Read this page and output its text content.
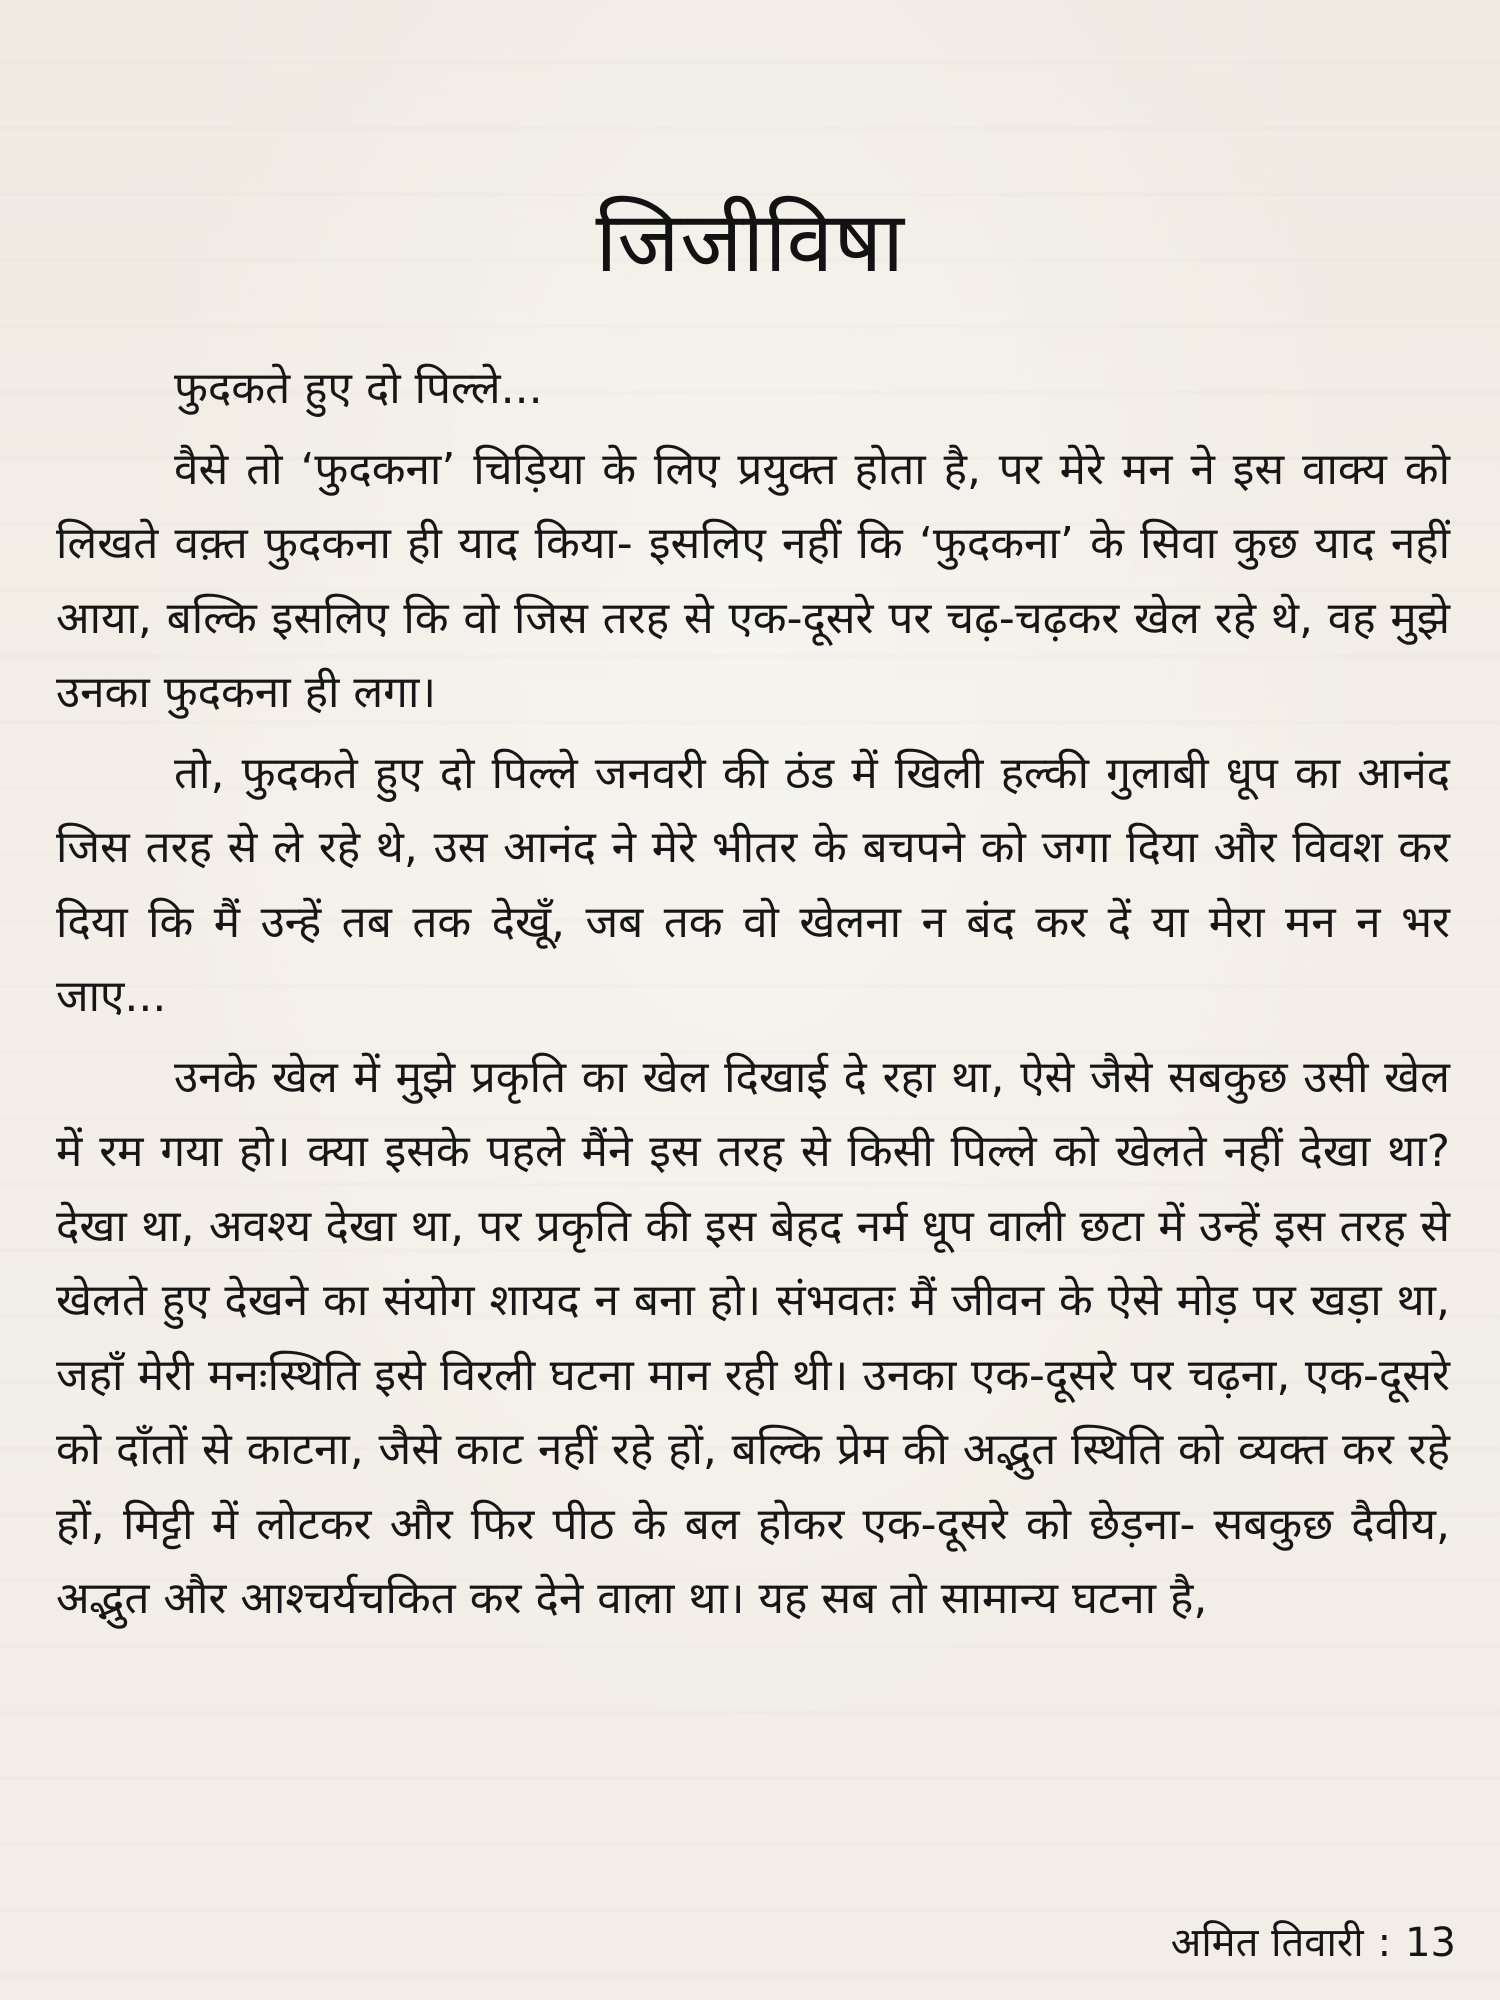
जिजीविषा

फुदकते हुए दो पिल्ले...

वैसे तो ‘फुदकना’ चिड़िया के लिए प्रयुक्त होता है, पर मेरे मन ने इस वाक्य को लिखते वक़्त फुदकना ही याद किया- इसलिए नहीं कि ‘फुदकना’ के सिवा कुछ याद नहीं आया, बल्कि इसलिए कि वो जिस तरह से एक-दूसरे पर चढ़-चढ़कर खेल रहे थे, वह मुझे उनका फुदकना ही लगा।

तो, फुदकते हुए दो पिल्ले जनवरी की ठंड में खिली हल्की गुलाबी धूप का आनंद जिस तरह से ले रहे थे, उस आनंद ने मेरे भीतर के बचपने को जगा दिया और विवश कर दिया कि मैं उन्हें तब तक देखूँ, जब तक वो खेलना न बंद कर दें या मेरा मन न भर जाए...

उनके खेल में मुझे प्रकृति का खेल दिखाई दे रहा था, ऐसे जैसे सबकुछ उसी खेल में रम गया हो। क्या इसके पहले मैंने इस तरह से किसी पिल्ले को खेलते नहीं देखा था? देखा था, अवश्य देखा था, पर प्रकृति की इस बेहद नर्म धूप वाली छटा में उन्हें इस तरह से खेलते हुए देखने का संयोग शायद न बना हो। संभवतः मैं जीवन के ऐसे मोड़ पर खड़ा था, जहाँ मेरी मनःस्थिति इसे विरली घटना मान रही थी। उनका एक-दूसरे पर चढ़ना, एक-दूसरे को दाँतों से काटना, जैसे काट नहीं रहे हों, बल्कि प्रेम की अद्भुत स्थिति को व्यक्त कर रहे हों, मिट्टी में लोटकर और फिर पीठ के बल होकर एक-दूसरे को छेड़ना- सबकुछ दैवीय, अद्भुत और आश्चर्यचकित कर देने वाला था। यह सब तो सामान्य घटना है,

अमित तिवारी : 13
